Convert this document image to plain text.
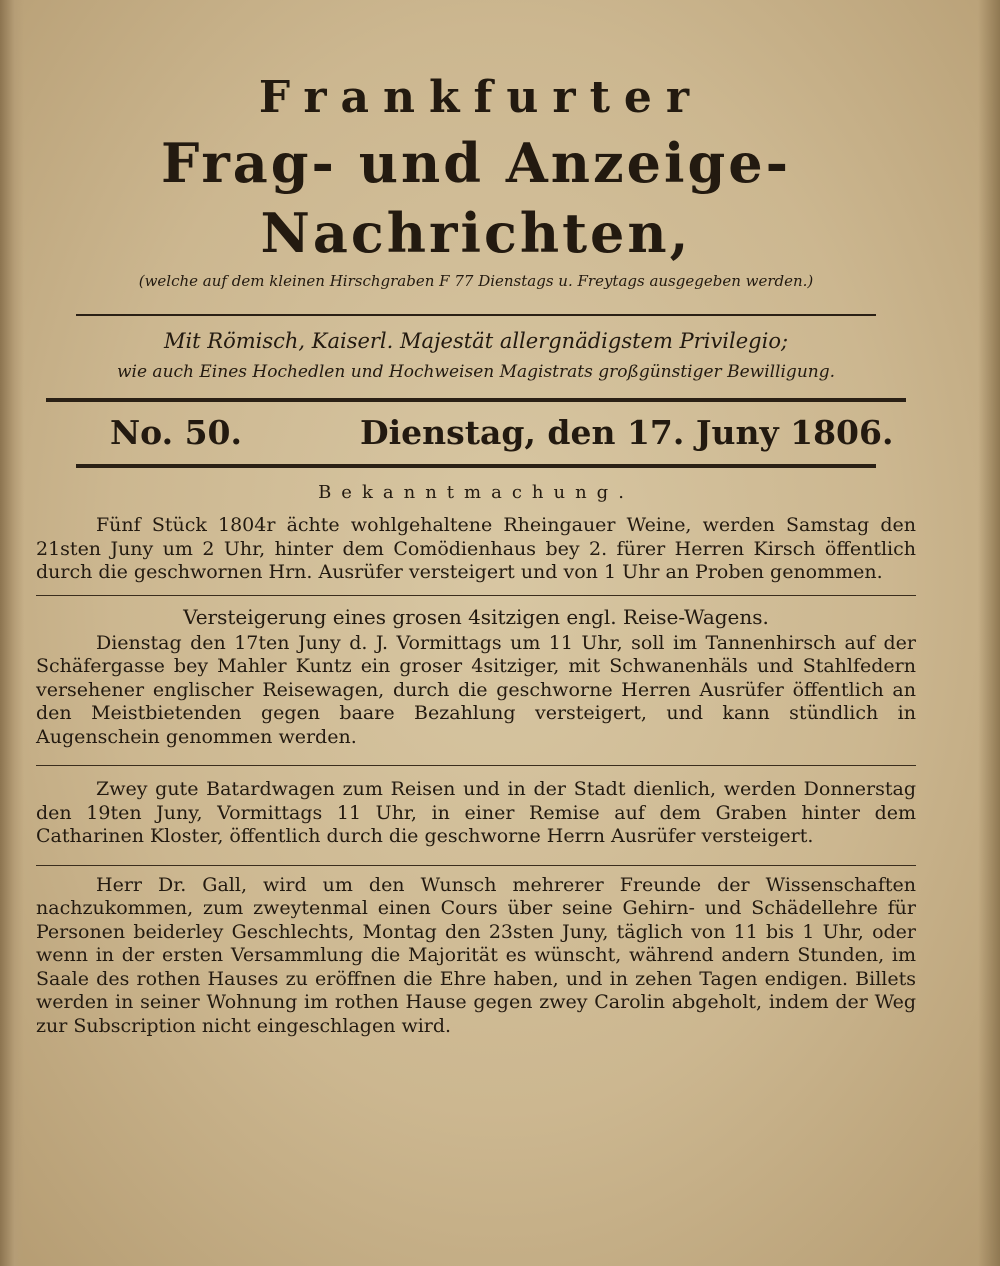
Frankfurter
Frag- und Anzeige-Nachrichten,
(welche auf dem kleinen Hirschgraben F 77 Dienstags u. Freytags ausgegeben werden.)
Mit Römisch, Kaiserl. Majestät allergnädigstem Privilegio;
wie auch Eines Hochedlen und Hochweisen Magistrats großgünstiger Bewilligung.
No. 50.	Dienstag, den 17. Juny 1806.
Bekanntmachung.

Fünf Stück 1804r ächte wohlgehaltene Rheingauer Weine, werden Samstag den 21sten Juny um 2 Uhr, hinter dem Comödienhaus bey 2. fürer Herren Kirsch öffentlich durch die geschwornen Hrn. Ausrüfer versteigert und von 1 Uhr an Proben genommen.

Versteigerung eines grosen 4sitzigen engl. Reise-Wagens.

Dienstag den 17ten Juny d. J. Vormittags um 11 Uhr, soll im Tannenhirsch auf der Schäfergasse bey Mahler Kuntz ein groser 4sitziger, mit Schwanenhäls und Stahlfedern versehener englischer Reisewagen, durch die geschworne Herren Ausrüfer öffentlich an den Meistbietenden gegen baare Bezahlung versteigert, und kann stündlich in Augenschein genommen werden.

Zwey gute Batardwagen zum Reisen und in der Stadt dienlich, werden Donnerstag den 19ten Juny, Vormittags 11 Uhr, in einer Remise auf dem Graben hinter dem Catharinen Kloster, öffentlich durch die geschworne Herrn Ausrüfer versteigert.

Herr Dr. Gall, wird um den Wunsch mehrerer Freunde der Wissenschaften nachzukommen, zum zweytenmal einen Cours über seine Gehirn- und Schädellehre für Personen beiderley Geschlechts, Montag den 23sten Juny, täglich von 11 bis 1 Uhr, oder wenn in der ersten Versammlung die Majorität es wünscht, während andern Stunden, im Saale des rothen Hauses zu eröffnen die Ehre haben, und in zehen Tagen endigen. Billets werden in seiner Wohnung im rothen Hause gegen zwey Carolin abgeholt, indem der Weg zur Subscription nicht eingeschlagen wird.
